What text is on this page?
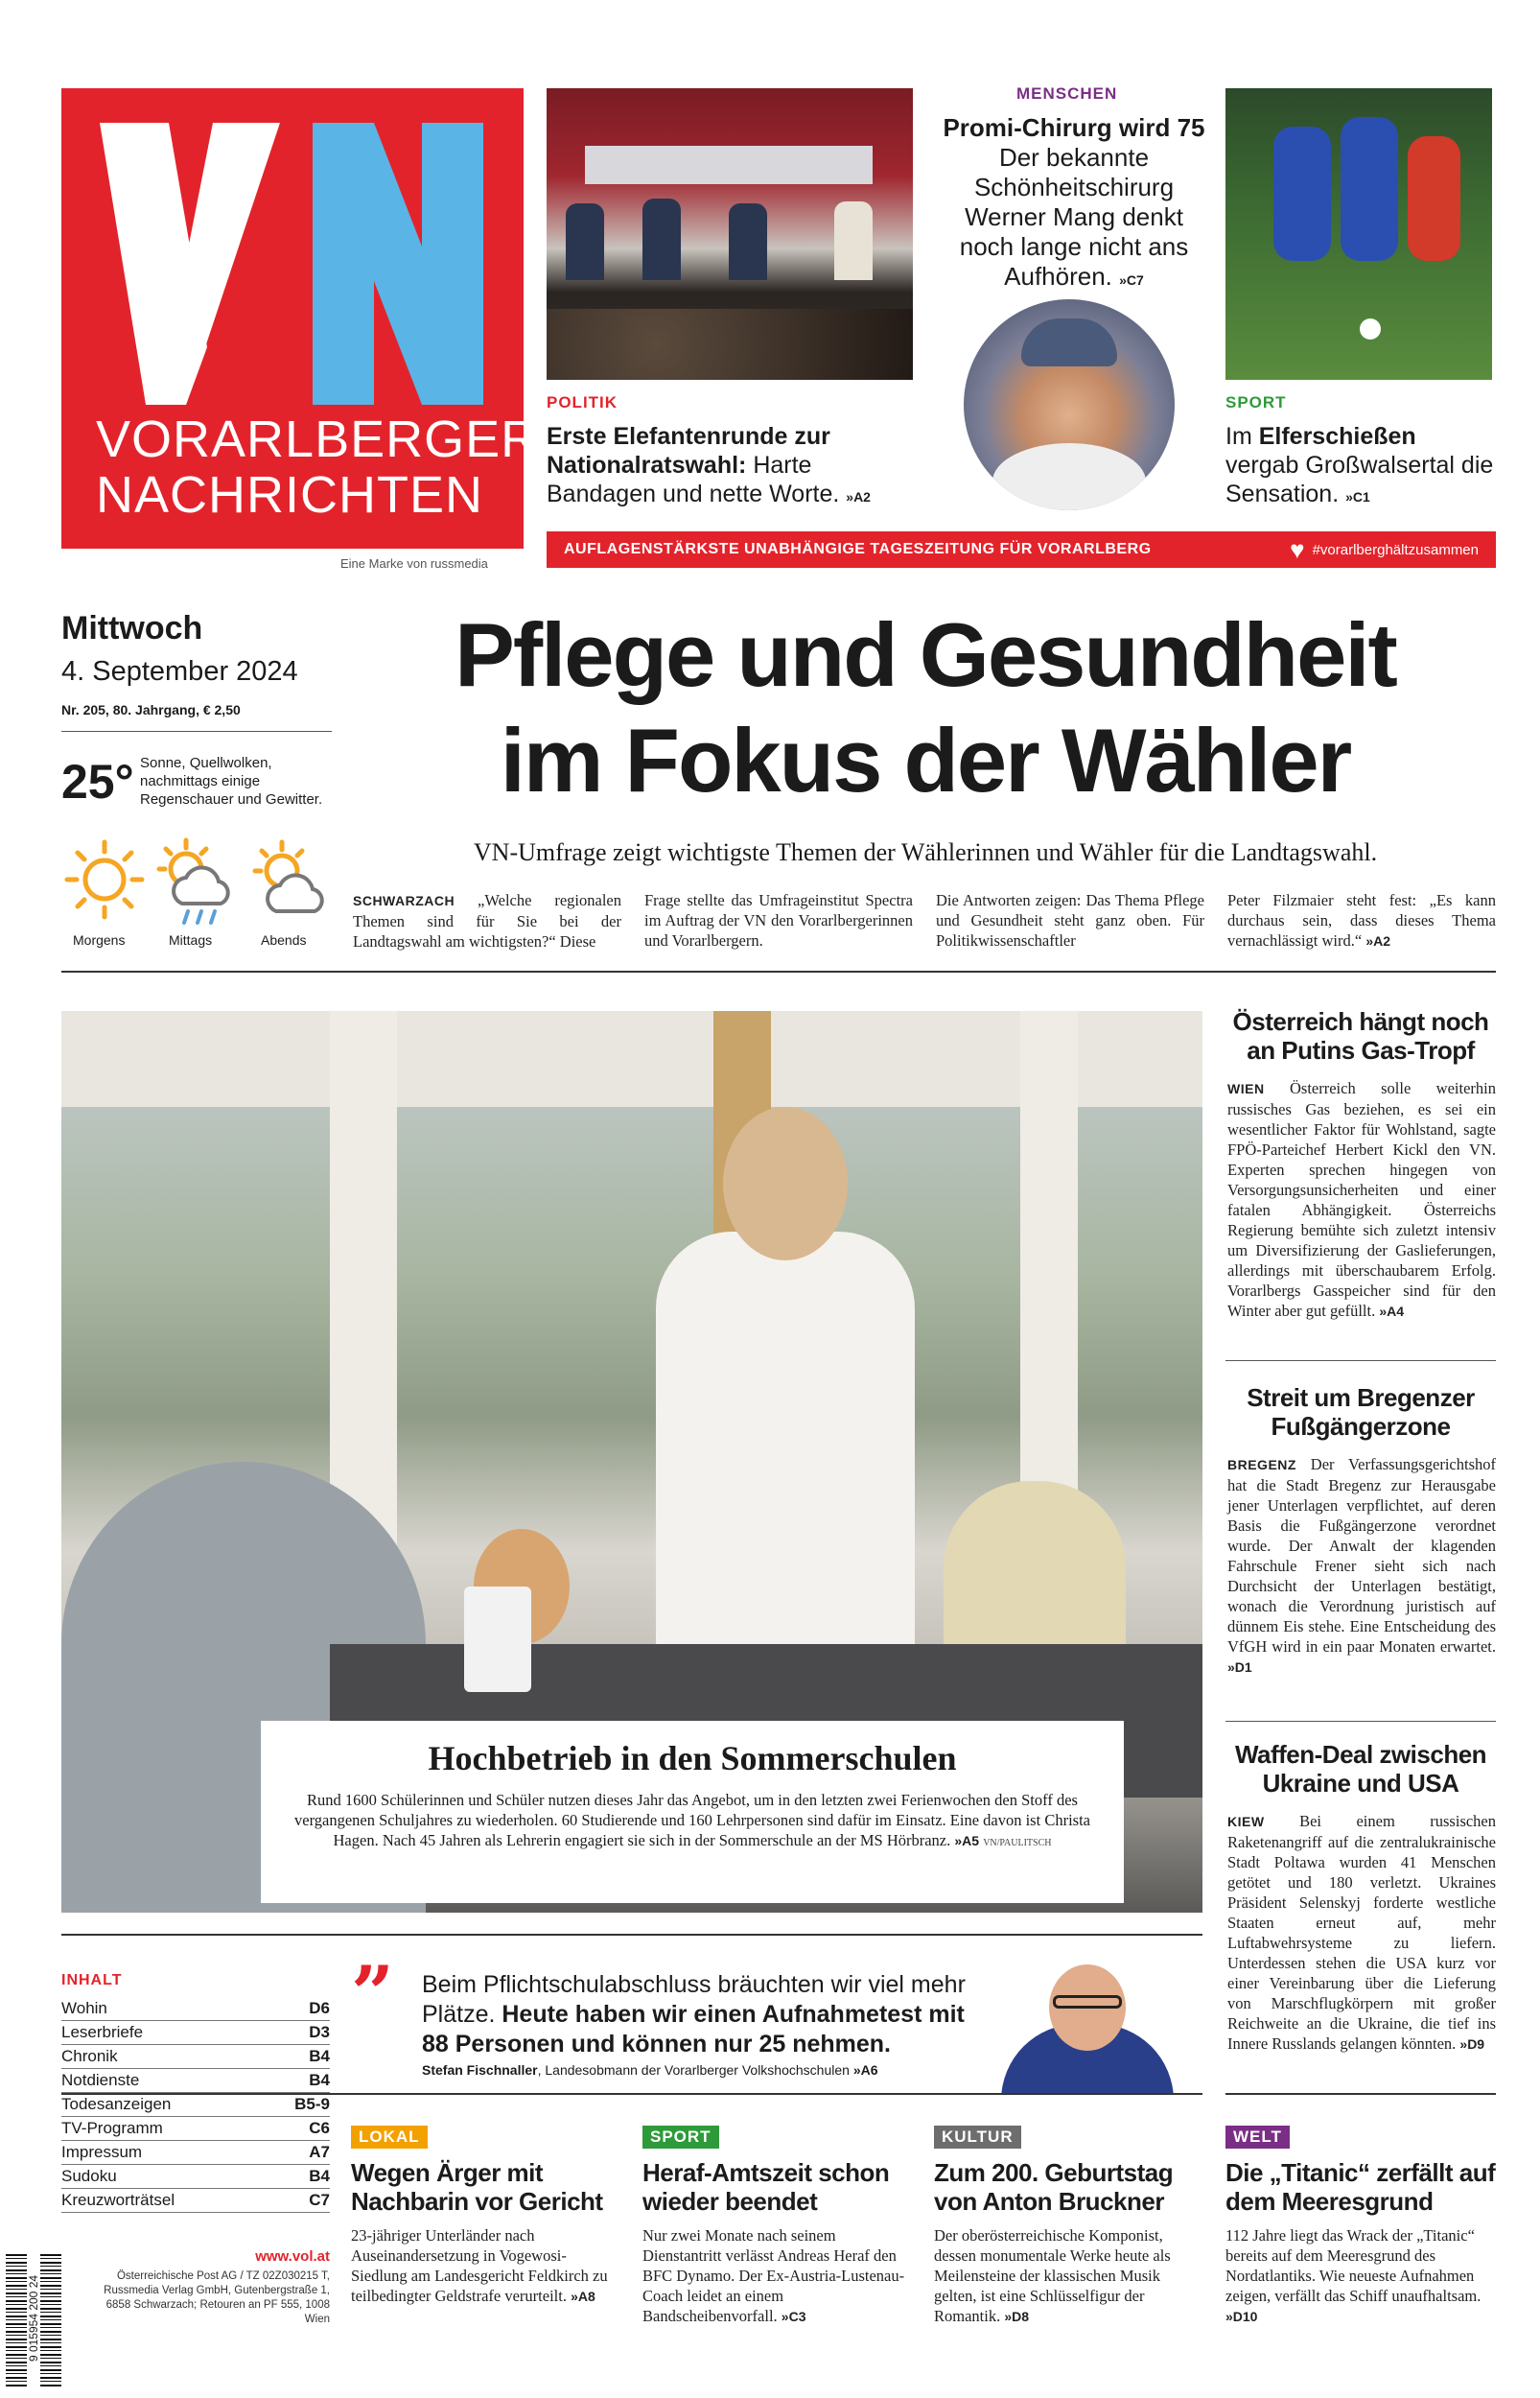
VORARLBERGER
NACHRICHTEN
Eine Marke von russmedia
POLITIK
Erste Elefantenrunde zur Nationalratswahl: Harte Bandagen und nette Worte. »A2
MENSCHEN
Promi-Chirurg wird 75
Der bekannte Schönheitschirurg Werner Mang denkt noch lange nicht ans Aufhören. »C7
SPORT
Im Elferschießen vergab Großwalsertal die Sensation. »C1
AUFLAGENSTÄRKSTE UNABHÄNGIGE TAGESZEITUNG FÜR VORARLBERG	♥ #vorarlberghältzusammen
Mittwoch
4. September 2024
Nr. 205, 80. Jahrgang, € 2,50
25° Sonne, Quellwolken, nachmittags einige Regenschauer und Gewitter.
Morgens	Mittags	Abends
Pflege und Gesundheit
im Fokus der Wähler
VN-Umfrage zeigt wichtigste Themen der Wählerinnen und Wähler für die Landtagswahl.
SCHWARZACH „Welche regionalen Themen sind für Sie bei der Landtagswahl am wichtigsten?“ Diese
Frage stellte das Umfrageinstitut Spectra im Auftrag der VN den Vorarlbergerinnen und Vorarlbergern.
Die Antworten zeigen: Das Thema Pflege und Gesundheit steht ganz oben. Für Politikwissenschaftler
Peter Filzmaier steht fest: „Es kann durchaus sein, dass dieses Thema vernachlässigt wird.“ »A2
Hochbetrieb in den Sommerschulen
Rund 1600 Schülerinnen und Schüler nutzen dieses Jahr das Angebot, um in den letzten zwei Ferienwochen den Stoff des vergangenen Schuljahres zu wiederholen. 60 Studierende und 160 Lehrpersonen sind dafür im Einsatz. Eine davon ist Christa Hagen. Nach 45 Jahren als Lehrerin engagiert sie sich in der Sommerschule an der MS Hörbranz. »A5 VN/PAULITSCH
Österreich hängt noch an Putins Gas-Tropf
WIEN Österreich solle weiterhin russisches Gas beziehen, es sei ein wesentlicher Faktor für Wohlstand, sagte FPÖ-Parteichef Herbert Kickl den VN. Experten sprechen hingegen von Versorgungsunsicherheiten und einer fatalen Abhängigkeit. Österreichs Regierung bemühte sich zuletzt intensiv um Diversifizierung der Gaslieferungen, allerdings mit überschaubarem Erfolg. Vorarlbergs Gasspeicher sind für den Winter aber gut gefüllt. »A4
Streit um Bregenzer Fußgängerzone
BREGENZ Der Verfassungsgerichtshof hat die Stadt Bregenz zur Herausgabe jener Unterlagen verpflichtet, auf deren Basis die Fußgängerzone verordnet wurde. Der Anwalt der klagenden Fahrschule Frener sieht sich nach Durchsicht der Unterlagen bestätigt, wonach die Verordnung juristisch auf dünnem Eis stehe. Eine Entscheidung des VfGH wird in ein paar Monaten erwartet. »D1
Waffen-Deal zwischen Ukraine und USA
KIEW Bei einem russischen Raketenangriff auf die zentralukrainische Stadt Poltawa wurden 41 Menschen getötet und 180 verletzt. Ukraines Präsident Selenskyj forderte westliche Staaten erneut auf, mehr Luftabwehrsysteme zu liefern. Unterdessen stehen die USA kurz vor einer Vereinbarung über die Lieferung von Marschflugkörpern mit großer Reichweite an die Ukraine, die tief ins Innere Russlands gelangen könnten. »D9
INHALT
Wohin	D6
Leserbriefe	D3
Chronik	B4
Notdienste	B4
Todesanzeigen	B5-9
TV-Programm	C6
Impressum	A7
Sudoku	B4
Kreuzworträtsel	C7
” Beim Pflichtschulabschluss bräuchten wir viel mehr Plätze. Heute haben wir einen Aufnahmetest mit 88 Personen und können nur 25 nehmen.
Stefan Fischnaller, Landesobmann der Vorarlberger Volkshochschulen »A6
LOKAL
Wegen Ärger mit Nachbarin vor Gericht
23-jähriger Unterländer nach Auseinandersetzung in Vogewosi-Siedlung am Landesgericht Feldkirch zu teilbedingter Geldstrafe verurteilt. »A8
SPORT
Heraf-Amtszeit schon wieder beendet
Nur zwei Monate nach seinem Dienstantritt verlässt Andreas Heraf den BFC Dynamo. Der Ex-Austria-Lustenau-Coach leidet an einem Bandscheibenvorfall. »C3
KULTUR
Zum 200. Geburtstag von Anton Bruckner
Der oberösterreichische Komponist, dessen monumentale Werke heute als Meilensteine der klassischen Musik gelten, ist eine Schlüsselfigur der Romantik. »D8
WELT
Die „Titanic“ zerfällt auf dem Meeresgrund
112 Jahre liegt das Wrack der „Titanic“ bereits auf dem Meeresgrund des Nordatlantiks. Wie neueste Aufnahmen zeigen, verfällt das Schiff unaufhaltsam. »D10
9 015954 200 24
www.vol.at
Österreichische Post AG / TZ 02Z030215 T, Russmedia Verlag GmbH, Gutenbergstraße 1, 6858 Schwarzach; Retouren an PF 555, 1008 Wien
